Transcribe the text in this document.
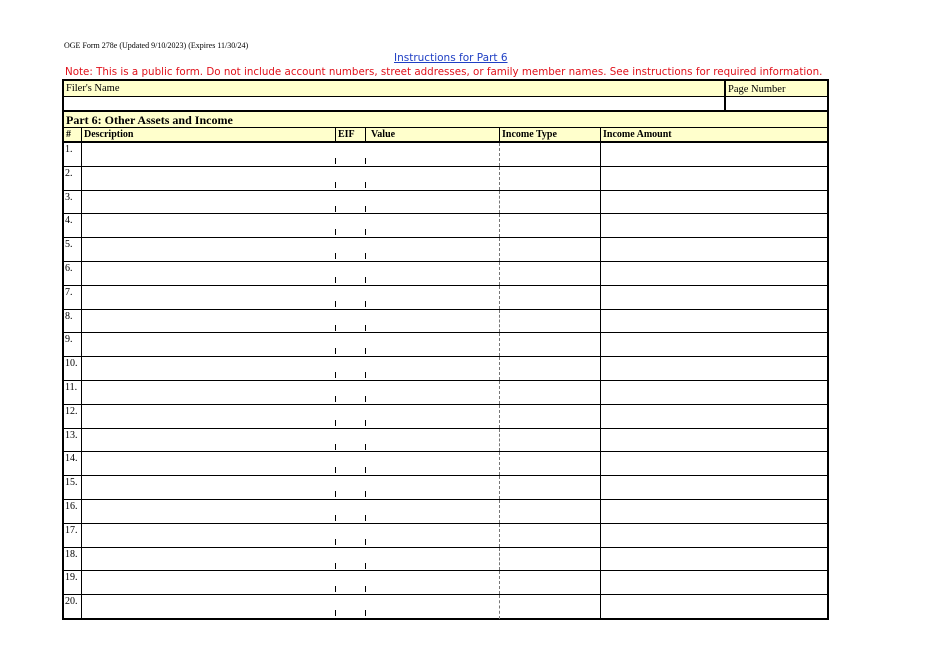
OGE Form 278e (Updated 9/10/2023) (Expires 11/30/24)
Instructions for Part 6
Note: This is a public form. Do not include account numbers, street addresses, or family member names. See instructions for required information.
Filer's Name	Page Number
Part 6: Other Assets and Income
#	Description	EIF	Value	Income Type	Income Amount
1.
2.
3.
4.
5.
6.
7.
8.
9.
10.
11.
12.
13.
14.
15.
16.
17.
18.
19.
20.
